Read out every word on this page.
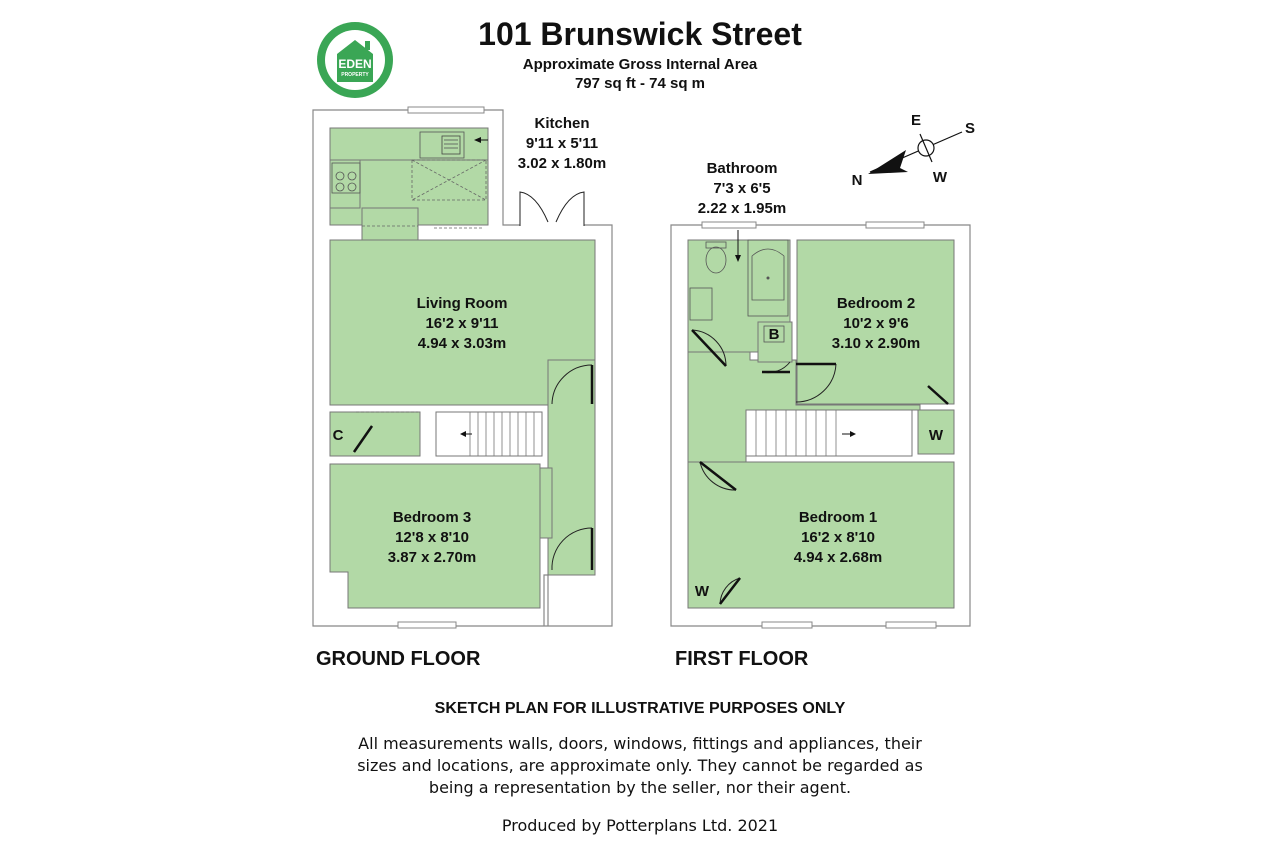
101 Brunswick Street
Approximate Gross Internal Area
797 sq ft - 74 sq m
EDEN
PROPERTY
N
E	S
W
Kitchen
9'11 x 5'11
3.02 x 1.80m
Living Room
16'2 x 9'11
4.94 x 3.03m
C
Bedroom 3
12'8 x 8'10
3.87 x 2.70m
Bathroom
7'3 x 6'5
2.22 x 1.95m
Bedroom 2
10'2 x 9'6
3.10 x 2.90m
B
W
W
Bedroom 1
16'2 x 8'10
4.94 x 2.68m
GROUND FLOOR	FIRST FLOOR
SKETCH PLAN FOR ILLUSTRATIVE PURPOSES ONLY
All measurements walls, doors, windows, fittings and appliances, their sizes and locations, are approximate only. They cannot be regarded as being a representation by the seller, nor their agent.
Produced by Potterplans Ltd. 2021
